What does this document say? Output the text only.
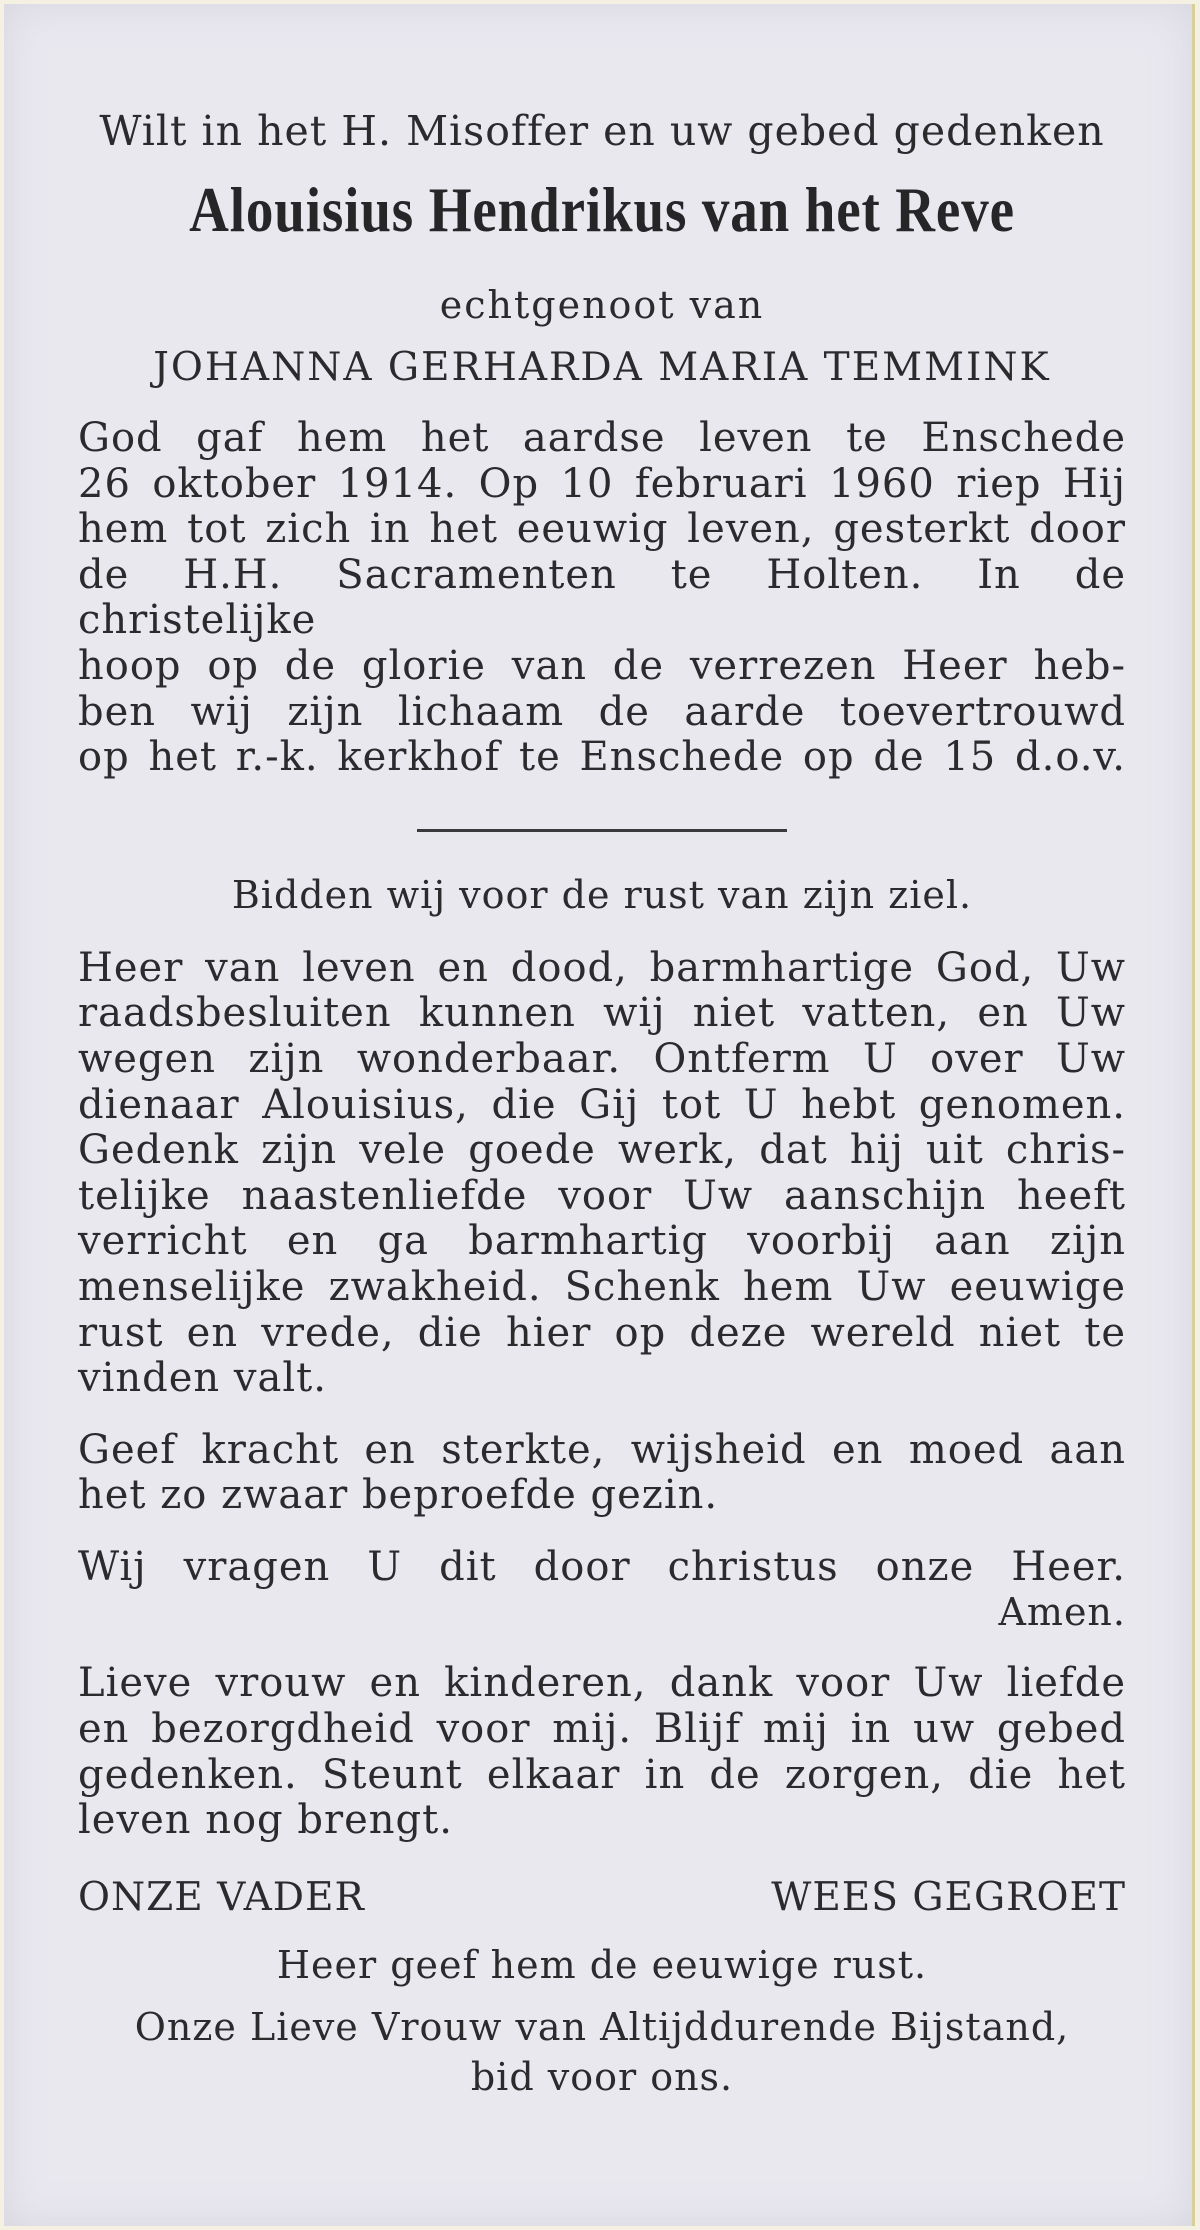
Wilt in het H. Misoffer en uw gebed gedenken
Alouisius Hendrikus van het Reve
echtgenoot van
JOHANNA GERHARDA MARIA TEMMINK
God gaf hem het aardse leven te Enschede
26 oktober 1914. Op 10 februari 1960 riep Hij
hem tot zich in het eeuwig leven, gesterkt door
de H.H. Sacramenten te Holten. In de christelijke
hoop op de glorie van de verrezen Heer heb-
ben wij zijn lichaam de aarde toevertrouwd
op het r.-k. kerkhof te Enschede op de 15 d.o.v.
Bidden wij voor de rust van zijn ziel.
Heer van leven en dood, barmhartige God, Uw
raadsbesluiten kunnen wij niet vatten, en Uw
wegen zijn wonderbaar. Ontferm U over Uw
dienaar Alouisius, die Gij tot U hebt genomen.
Gedenk zijn vele goede werk, dat hij uit chris-
telijke naastenliefde voor Uw aanschijn heeft
verricht en ga barmhartig voorbij aan zijn
menselijke zwakheid. Schenk hem Uw eeuwige
rust en vrede, die hier op deze wereld niet te
vinden valt.
Geef kracht en sterkte, wijsheid en moed aan
het zo zwaar beproefde gezin.
Wij vragen U dit door christus onze Heer.
Amen.
Lieve vrouw en kinderen, dank voor Uw liefde
en bezorgdheid voor mij. Blijf mij in uw gebed
gedenken. Steunt elkaar in de zorgen, die het
leven nog brengt.
ONZE VADER	WEES GEGROET
Heer geef hem de eeuwige rust.
Onze Lieve Vrouw van Altijddurende Bijstand,
bid voor ons.
